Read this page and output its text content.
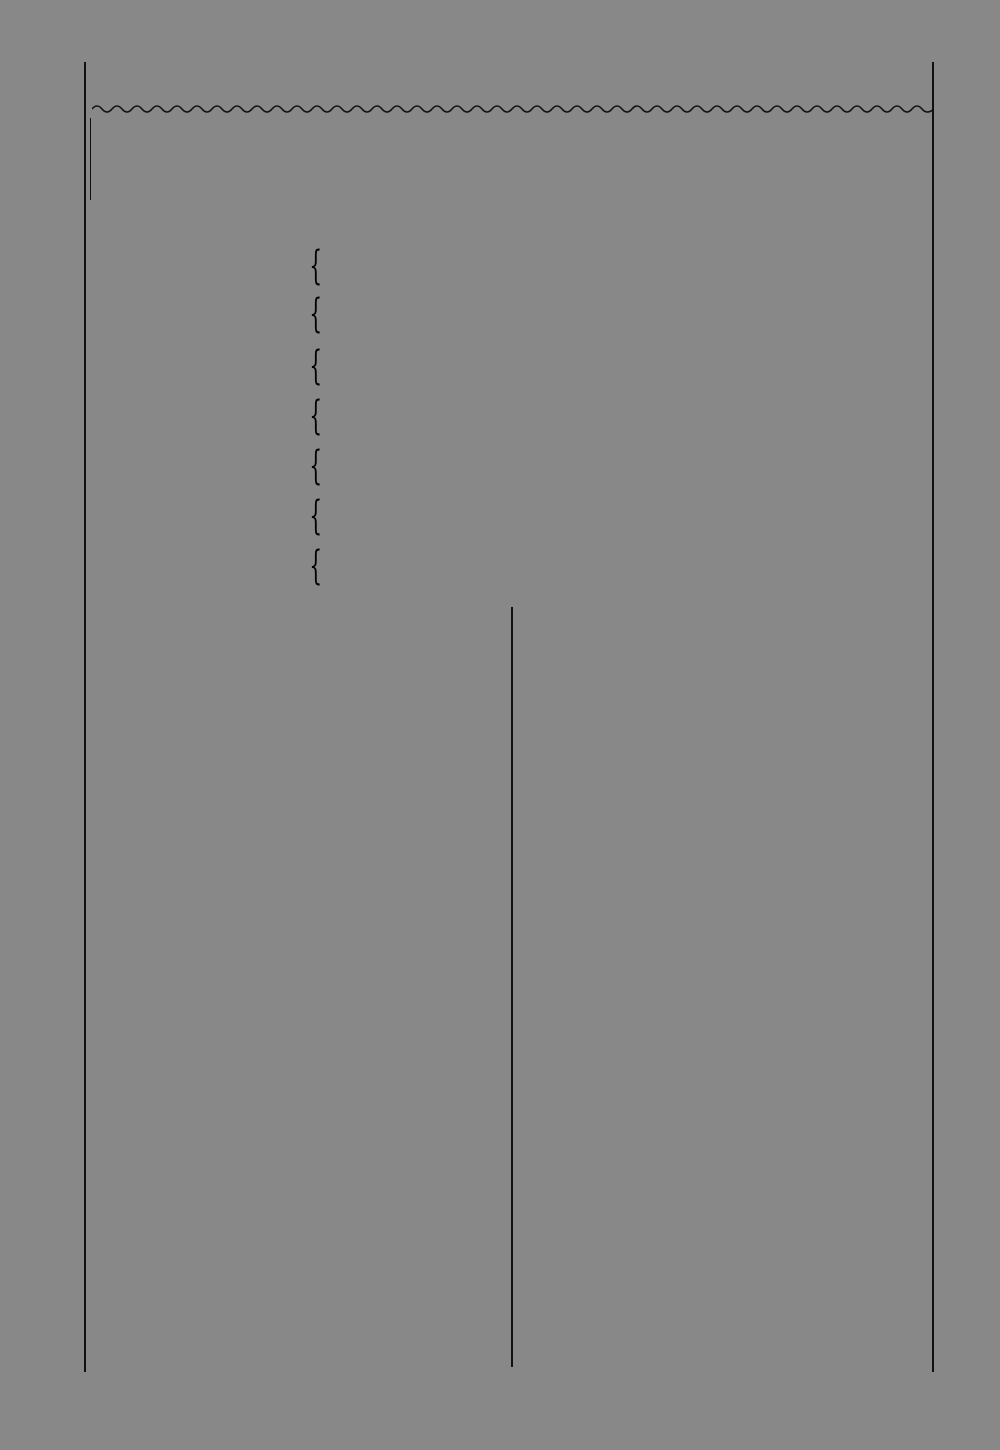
{
{
{
{
{
{
{
